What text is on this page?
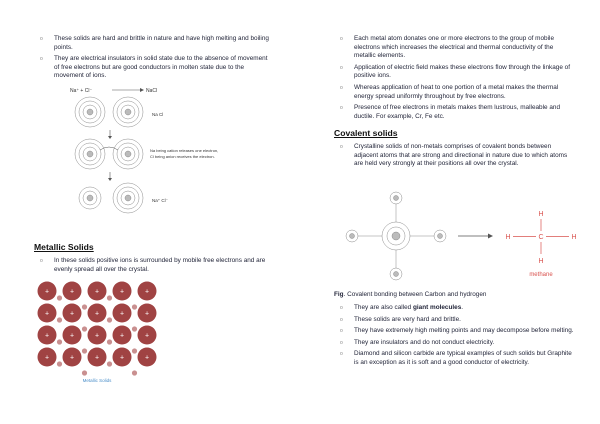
o These solids are hard and brittle in nature and have high melting and boiling points.
o They are electrical insulators in solid state due to the absence of movement of free electrons but are good conductors in molten state due to the movement of ions.
Na⁺ + Cl⁻	NaCl
Na Cl
Na being cation releases one electron,
Cl being anion receives the electron.
Na⁺ Cl⁻
Metallic Solids
o In these solids positive ions is surrounded by mobile free electrons and are evenly spread all over the crystal.
Metallic Solids
+	+	+	+	+
+	+	+	+	+
+	+	+	+	+
+	+	+	+	+
o Each metal atom donates one or more electrons to the group of mobile electrons which increases the electrical and thermal conductivity of the metallic elements.
o Application of electric field makes these electrons flow through the linkage of positive ions.
o Whereas application of heat to one portion of a metal makes the thermal energy spread uniformly throughout by free electrons.
o Presence of free electrons in metals makes them lustrous, malleable and ductile. For example, Cr, Fe etc.
Covalent solids
o Crystalline solids of non-metals comprises of covalent bonds between adjacent atoms that are strong and directional in nature due to which atoms are held very strongly at their positions all over the crystal.
H
H	C	H
H
methane
Fig. Covalent bonding between Carbon and hydrogen
o They are also called giant molecules.
o These solids are very hard and brittle.
o They have extremely high melting points and may decompose before melting.
o They are insulators and do not conduct electricity.
o Diamond and silicon carbide are typical examples of such solids but Graphite is an exception as it is soft and a good conductor of electricity.
